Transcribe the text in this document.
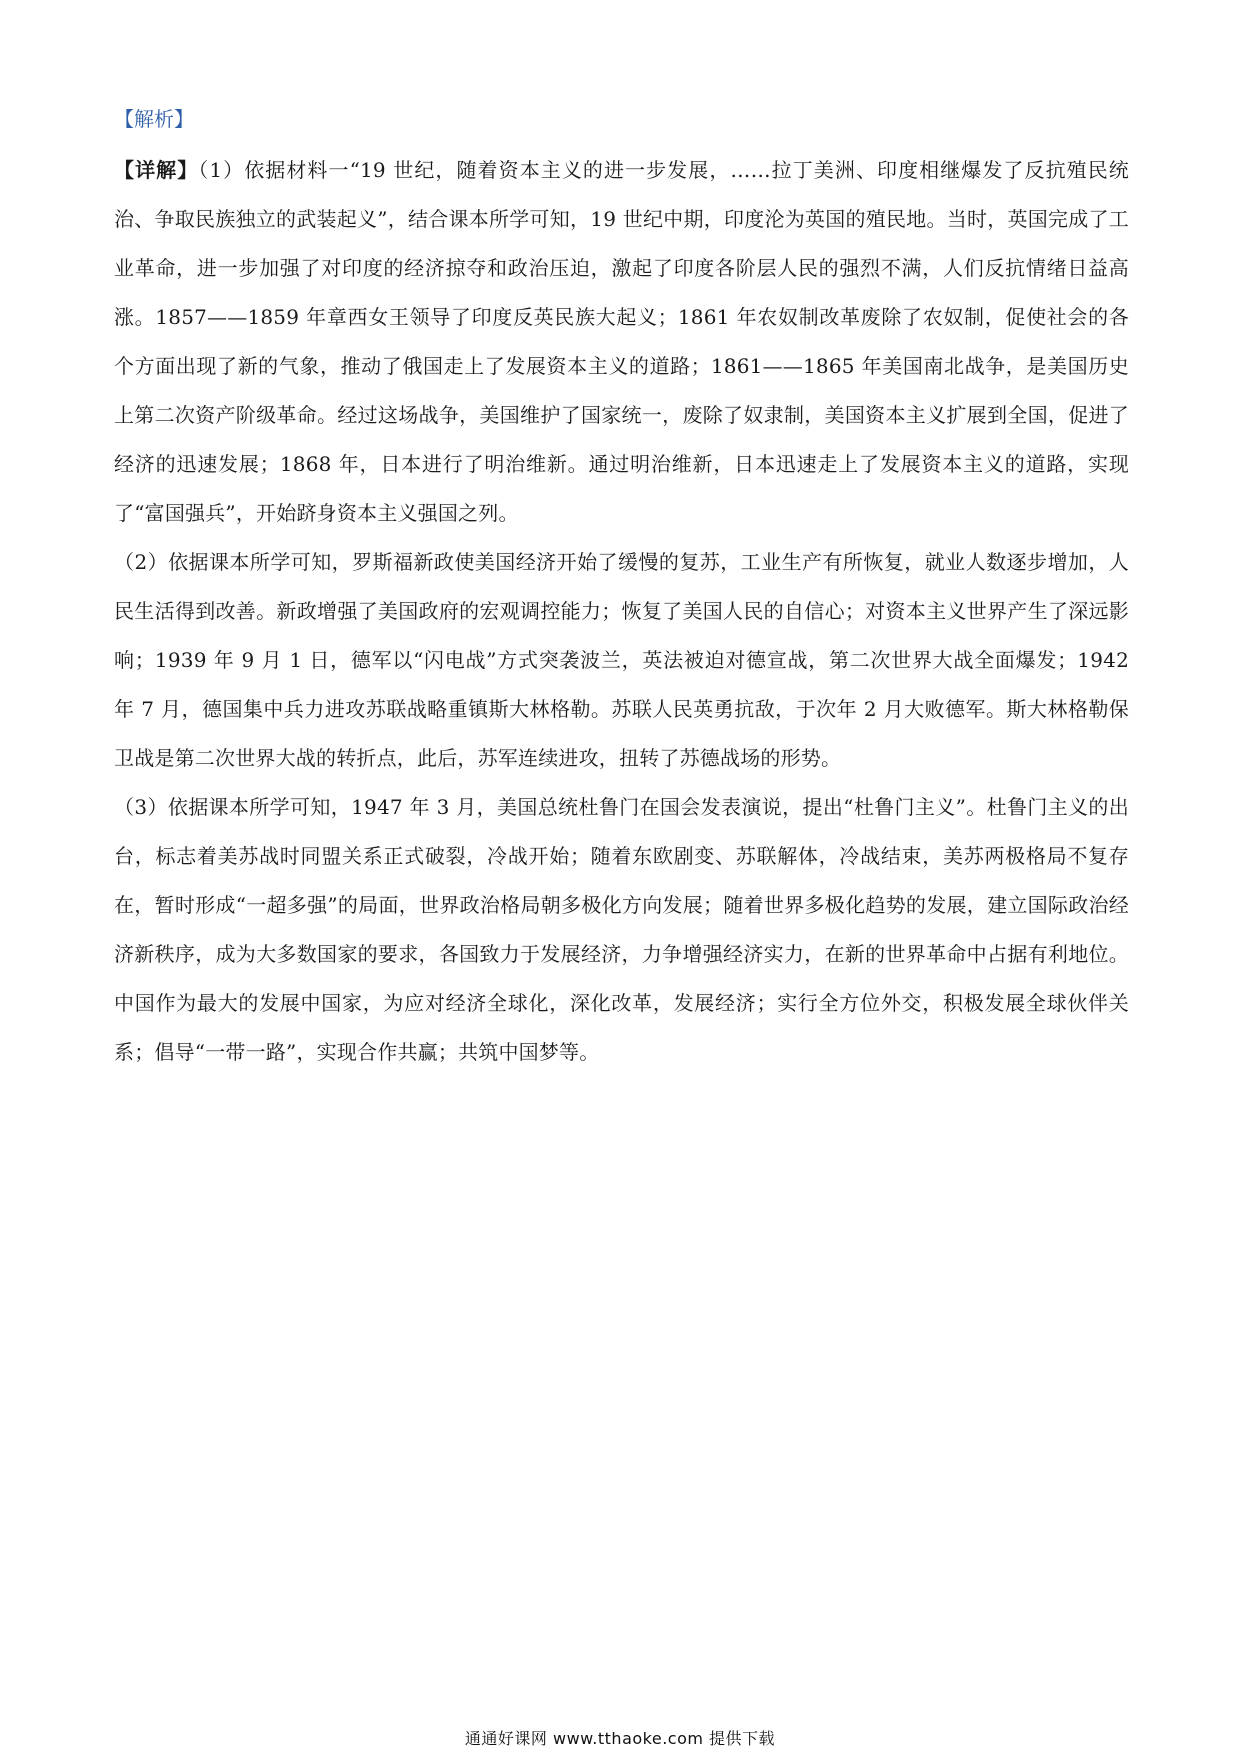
【解析】

【详解】（1）依据材料一“19 世纪，随着资本主义的进一步发展，……拉丁美洲、印度相继爆发了反抗殖民统治、争取民族独立的武装起义”，结合课本所学可知，19 世纪中期，印度沦为英国的殖民地。当时，英国完成了工业革命，进一步加强了对印度的经济掠夺和政治压迫，激起了印度各阶层人民的强烈不满，人们反抗情绪日益高涨。1857——1859 年章西女王领导了印度反英民族大起义；1861 年农奴制改革废除了农奴制，促使社会的各个方面出现了新的气象，推动了俄国走上了发展资本主义的道路；1861——1865 年美国南北战争，是美国历史上第二次资产阶级革命。经过这场战争，美国维护了国家统一，废除了奴隶制，美国资本主义扩展到全国，促进了经济的迅速发展；1868 年，日本进行了明治维新。通过明治维新，日本迅速走上了发展资本主义的道路，实现了“富国强兵”，开始跻身资本主义强国之列。

（2）依据课本所学可知，罗斯福新政使美国经济开始了缓慢的复苏，工业生产有所恢复，就业人数逐步增加，人民生活得到改善。新政增强了美国政府的宏观调控能力；恢复了美国人民的自信心；对资本主义世界产生了深远影响；1939 年 9 月 1 日，德军以“闪电战”方式突袭波兰，英法被迫对德宣战，第二次世界大战全面爆发；1942 年 7 月，德国集中兵力进攻苏联战略重镇斯大林格勒。苏联人民英勇抗敌，于次年 2 月大败德军。斯大林格勒保卫战是第二次世界大战的转折点，此后，苏军连续进攻，扭转了苏德战场的形势。

（3）依据课本所学可知，1947 年 3 月，美国总统杜鲁门在国会发表演说，提出“杜鲁门主义”。杜鲁门主义的出台，标志着美苏战时同盟关系正式破裂，冷战开始；随着东欧剧变、苏联解体，冷战结束，美苏两极格局不复存在，暂时形成“一超多强”的局面，世界政治格局朝多极化方向发展；随着世界多极化趋势的发展，建立国际政治经济新秩序，成为大多数国家的要求，各国致力于发展经济，力争增强经济实力，在新的世界革命中占据有利地位。中国作为最大的发展中国家，为应对经济全球化，深化改革，发展经济；实行全方位外交，积极发展全球伙伴关系；倡导“一带一路”，实现合作共赢；共筑中国梦等。

通通好课网 www.tthaoke.com 提供下载
